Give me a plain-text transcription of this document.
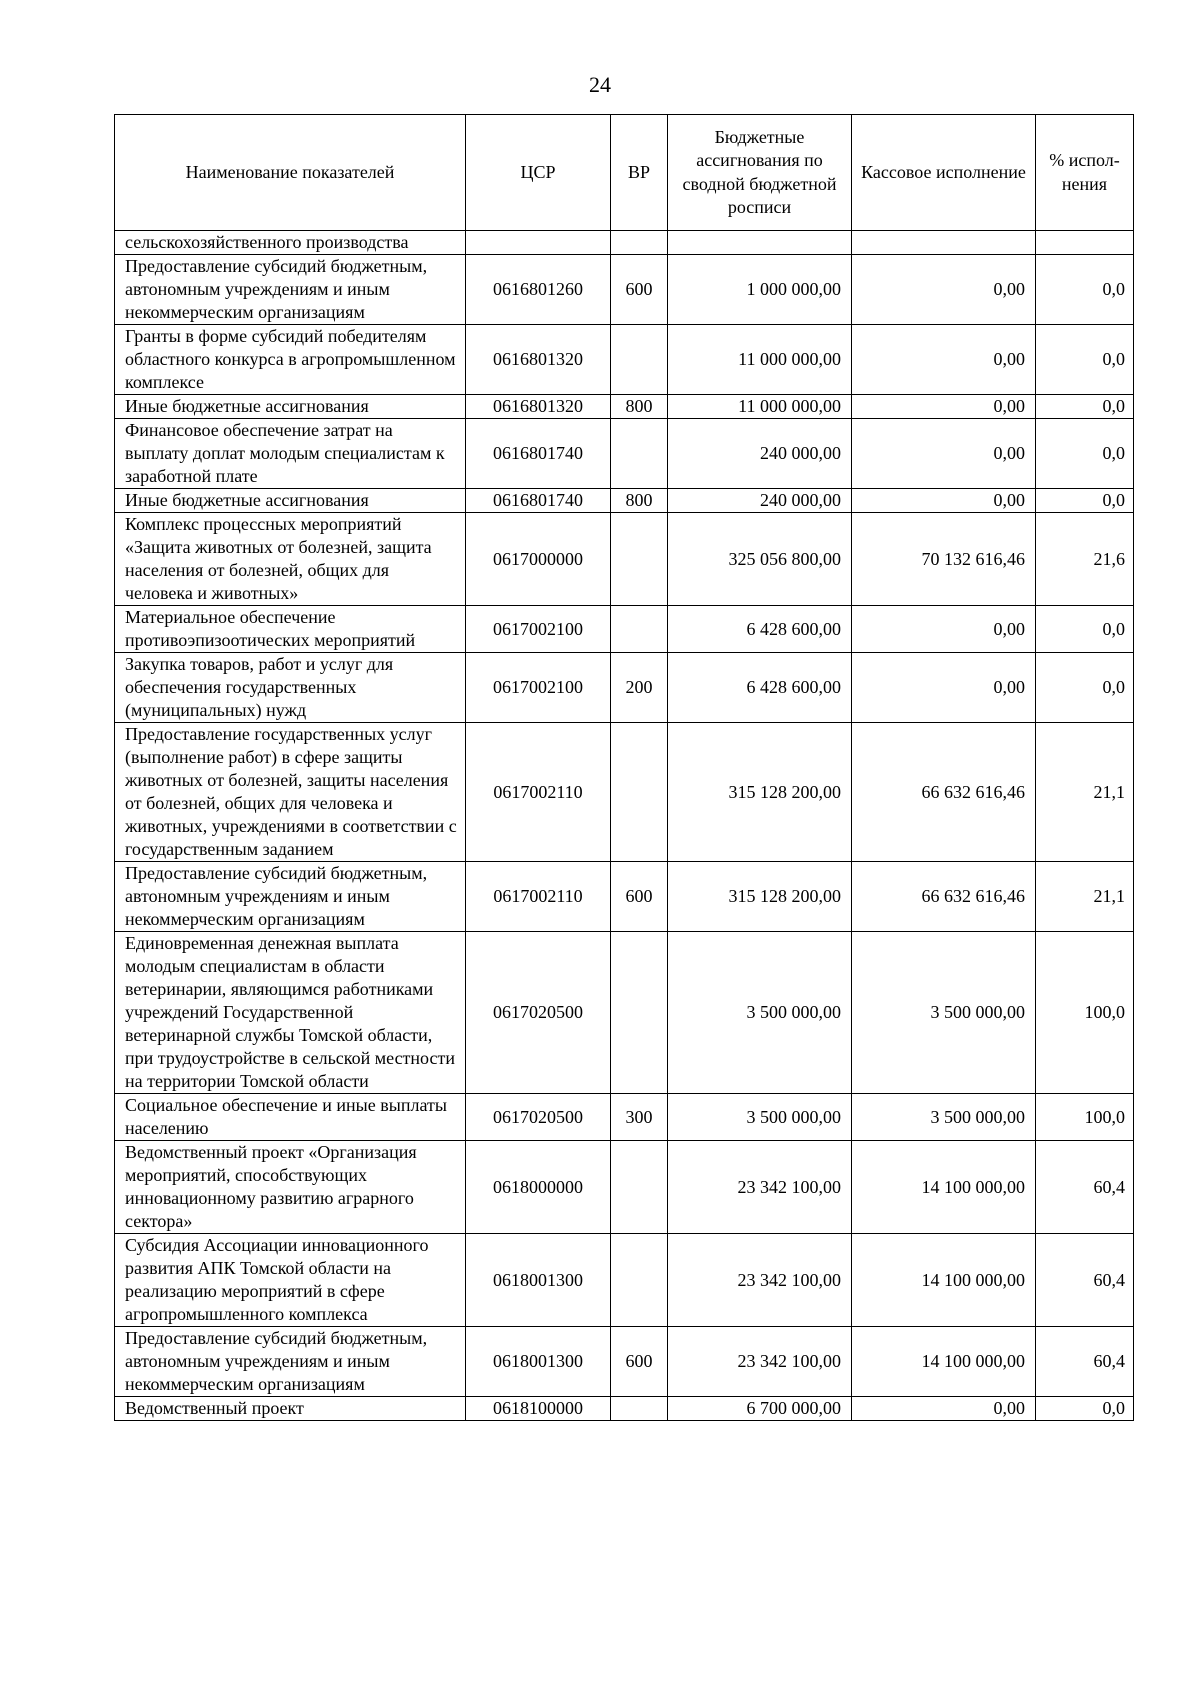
24
Наименование показателей	ЦСР	ВР	Бюджетные ассигнования по сводной бюджетной росписи	Кассовое исполнение	% испол-нения
сельскохозяйственного производства					
Предоставление субсидий бюджетным, автономным учреждениям и иным некоммерческим организациям	0616801260	600	1 000 000,00	0,00	0,0
Гранты в форме субсидий победителям областного конкурса в агропромышленном комплексе	0616801320		11 000 000,00	0,00	0,0
Иные бюджетные ассигнования	0616801320	800	11 000 000,00	0,00	0,0
Финансовое обеспечение затрат на выплату доплат молодым специалистам к заработной плате	0616801740		240 000,00	0,00	0,0
Иные бюджетные ассигнования	0616801740	800	240 000,00	0,00	0,0
Комплекс процессных мероприятий «Защита животных от болезней, защита населения от болезней, общих для человека и животных»	0617000000		325 056 800,00	70 132 616,46	21,6
Материальное обеспечение противоэпизоотических мероприятий	0617002100		6 428 600,00	0,00	0,0
Закупка товаров, работ и услуг для обеспечения государственных (муниципальных) нужд	0617002100	200	6 428 600,00	0,00	0,0
Предоставление государственных услуг (выполнение работ) в сфере защиты животных от болезней, защиты населения от болезней, общих для человека и животных, учреждениями в соответствии с государственным заданием	0617002110		315 128 200,00	66 632 616,46	21,1
Предоставление субсидий бюджетным, автономным учреждениям и иным некоммерческим организациям	0617002110	600	315 128 200,00	66 632 616,46	21,1
Единовременная денежная выплата молодым специалистам в области ветеринарии, являющимся работниками учреждений Государственной ветеринарной службы Томской области, при трудоустройстве в сельской местности на территории Томской области	0617020500		3 500 000,00	3 500 000,00	100,0
Социальное обеспечение и иные выплаты населению	0617020500	300	3 500 000,00	3 500 000,00	100,0
Ведомственный проект «Организация мероприятий, способствующих инновационному развитию аграрного сектора»	0618000000		23 342 100,00	14 100 000,00	60,4
Субсидия Ассоциации инновационного развития АПК Томской области на реализацию мероприятий в сфере агропромышленного комплекса	0618001300		23 342 100,00	14 100 000,00	60,4
Предоставление субсидий бюджетным, автономным учреждениям и иным некоммерческим организациям	0618001300	600	23 342 100,00	14 100 000,00	60,4
Ведомственный проект	0618100000		6 700 000,00	0,00	0,0
